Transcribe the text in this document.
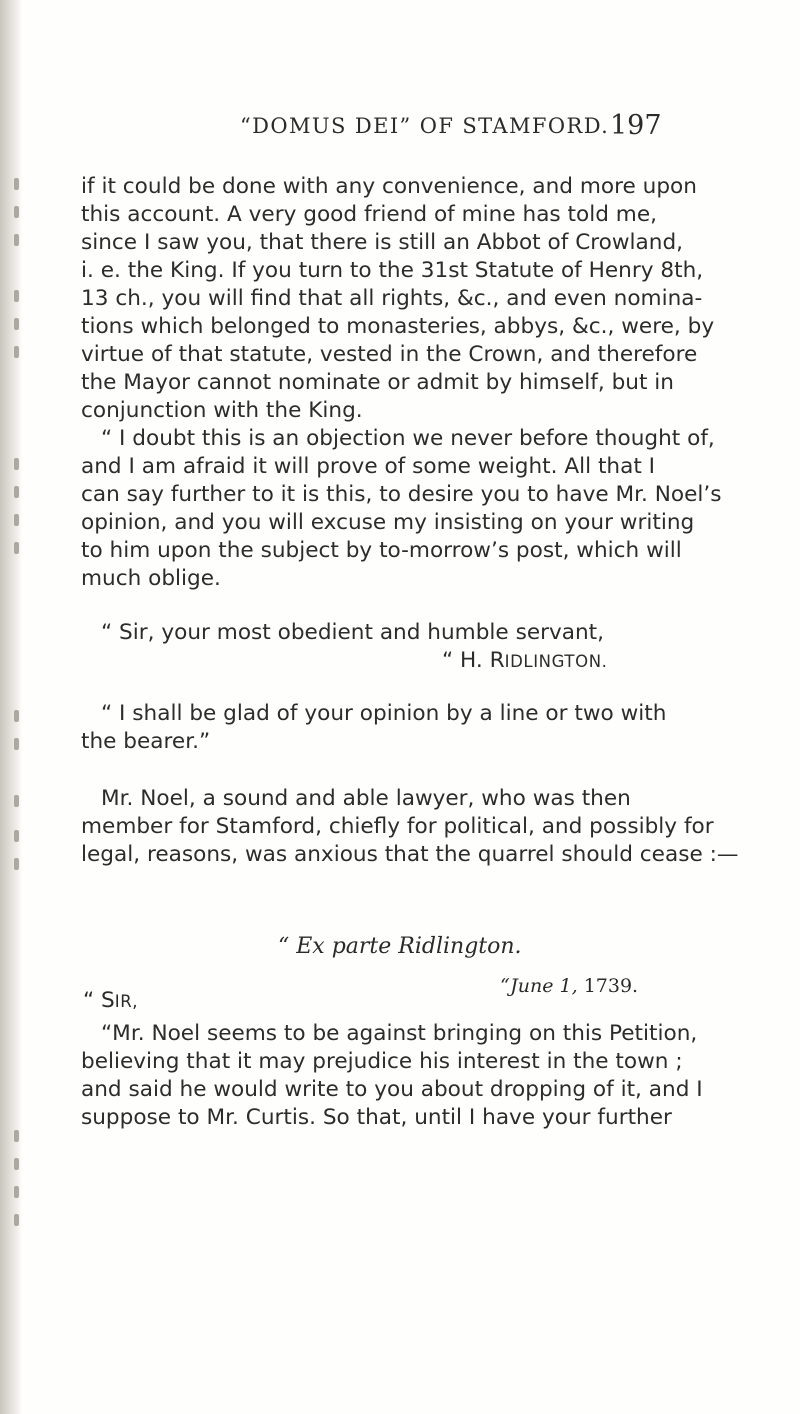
“DOMUS DEI” OF STAMFORD. 197
if it could be done with any convenience, and more upon
this account. A very good friend of mine has told me,
since I saw you, that there is still an Abbot of Crowland,
i. e. the King. If you turn to the 31st Statute of Henry 8th,
13 ch., you will find that all rights, &c., and even nomina-
tions which belonged to monasteries, abbys, &c., were, by
virtue of that statute, vested in the Crown, and therefore
the Mayor cannot nominate or admit by himself, but in
conjunction with the King.
“ I doubt this is an objection we never before thought of,
and I am afraid it will prove of some weight. All that I
can say further to it is this, to desire you to have Mr. Noel’s
opinion, and you will excuse my insisting on your writing
to him upon the subject by to-morrow’s post, which will
much oblige.
“ Sir, your most obedient and humble servant,
“ H. RIDLINGTON.
“ I shall be glad of your opinion by a line or two with
the bearer.”
Mr. Noel, a sound and able lawyer, who was then
member for Stamford, chiefly for political, and possibly for
legal, reasons, was anxious that the quarrel should cease :—
“ Ex parte Ridlington.
“June 1, 1739.
“ SIR,
“Mr. Noel seems to be against bringing on this Petition,
believing that it may prejudice his interest in the town ;
and said he would write to you about dropping of it, and I
suppose to Mr. Curtis. So that, until I have your further
